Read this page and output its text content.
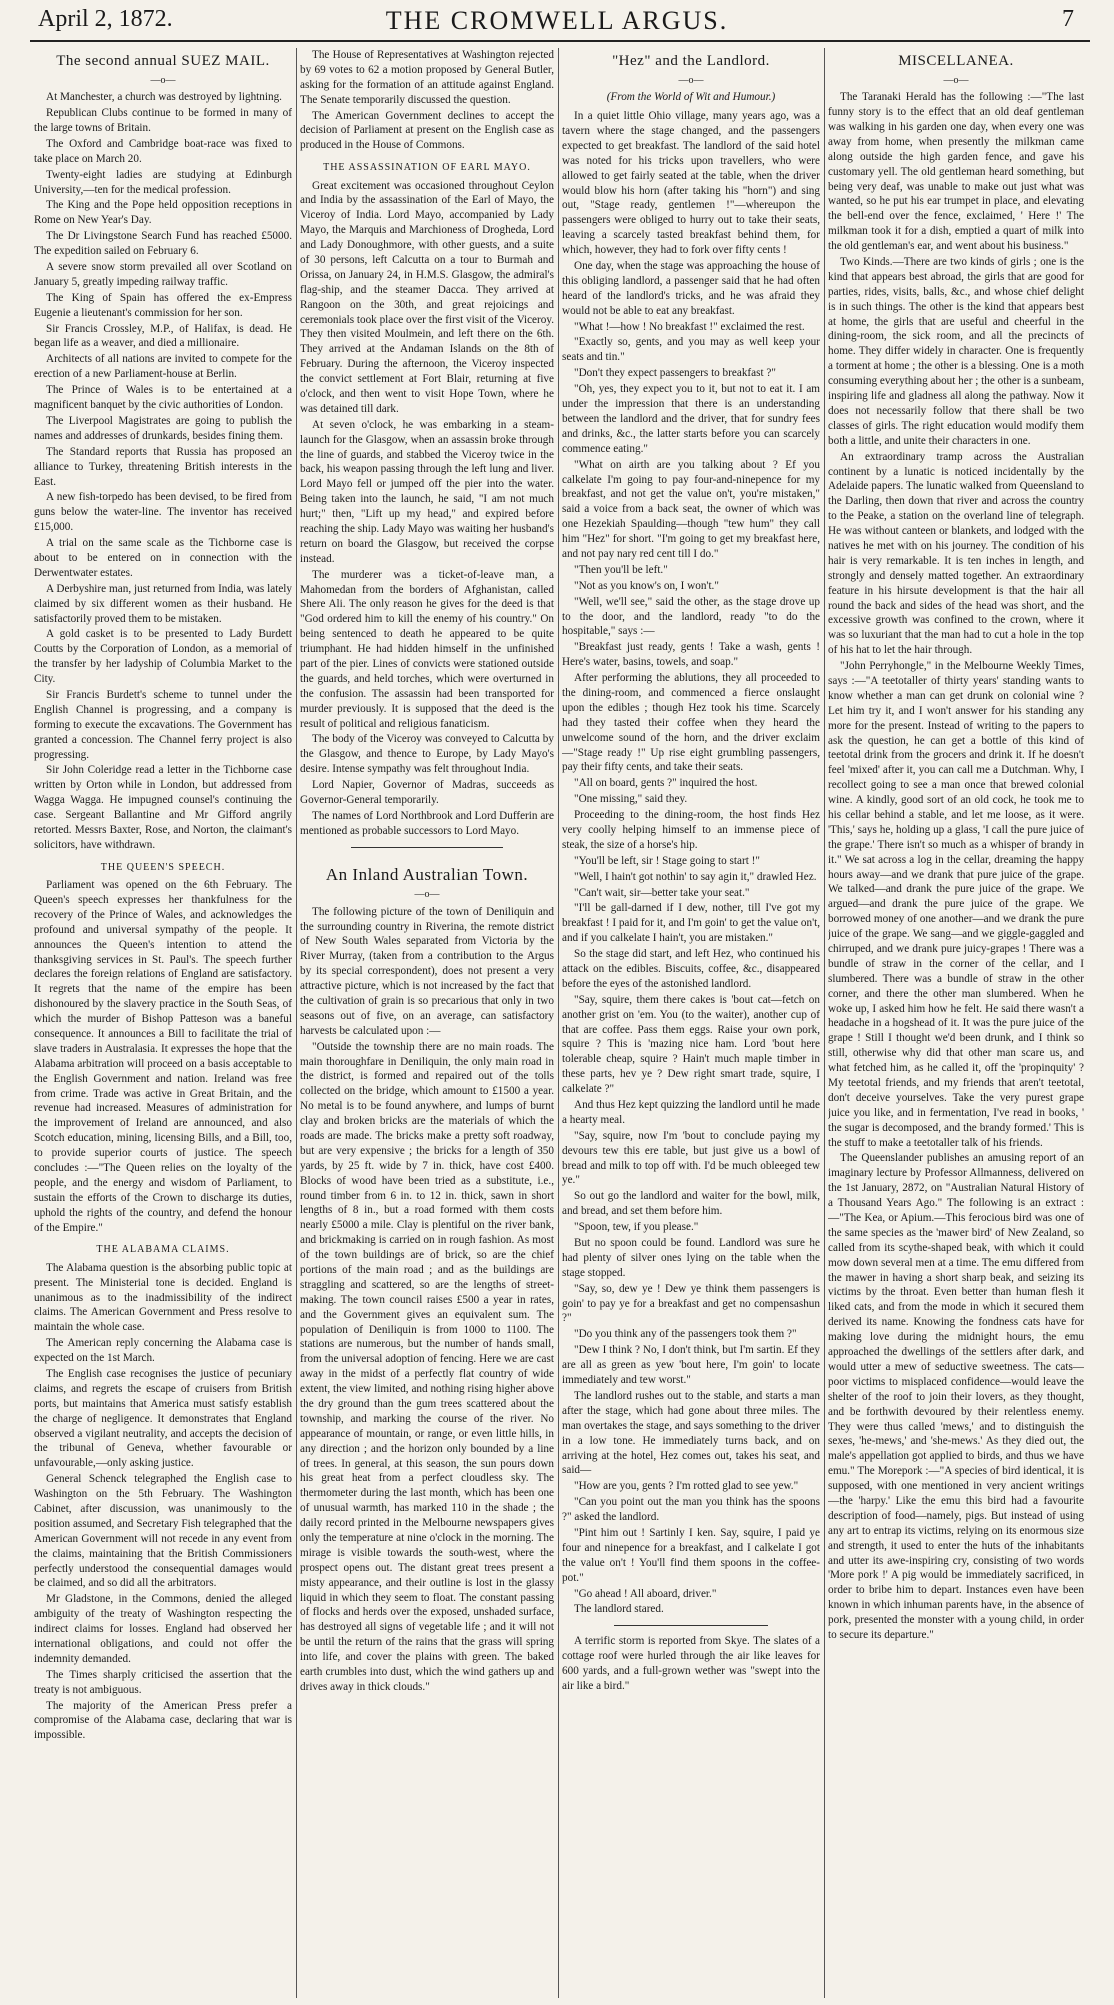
April 2, 1872.	THE CROMWELL ARGUS.	7
The second annual SUEZ MAIL.
—o—

At Manchester, a church was destroyed by lightning.

Republican Clubs continue to be formed in many of the large towns of Britain.

The Oxford and Cambridge boat-race was fixed to take place on March 20.

Twenty-eight ladies are studying at Edinburgh University,—ten for the medical profession.

The King and the Pope held opposition receptions in Rome on New Year's Day.

The Dr Livingstone Search Fund has reached £5000. The expedition sailed on February 6.

A severe snow storm prevailed all over Scotland on January 5, greatly impeding railway traffic.

The King of Spain has offered the ex-Empress Eugenie a lieutenant's commission for her son.

Sir Francis Crossley, M.P., of Halifax, is dead. He began life as a weaver, and died a millionaire.

Architects of all nations are invited to compete for the erection of a new Parliament-house at Berlin.

The Prince of Wales is to be entertained at a magnificent banquet by the civic authorities of London.

The Liverpool Magistrates are going to publish the names and addresses of drunkards, besides fining them.

The Standard reports that Russia has proposed an alliance to Turkey, threatening British interests in the East.

A new fish-torpedo has been devised, to be fired from guns below the water-line. The inventor has received £15,000.

A trial on the same scale as the Tichborne case is about to be entered on in connection with the Derwentwater estates.

A Derbyshire man, just returned from India, was lately claimed by six different women as their husband. He satisfactorily proved them to be mistaken.

A gold casket is to be presented to Lady Burdett Coutts by the Corporation of London, as a memorial of the transfer by her ladyship of Columbia Market to the City.

Sir Francis Burdett's scheme to tunnel under the English Channel is progressing, and a company is forming to execute the excavations. The Government has granted a concession. The Channel ferry project is also progressing.

Sir John Coleridge read a letter in the Tichborne case written by Orton while in London, but addressed from Wagga Wagga. He impugned counsel's continuing the case. Sergeant Ballantine and Mr Gifford angrily retorted. Messrs Baxter, Rose, and Norton, the claimant's solicitors, have withdrawn.

THE QUEEN'S SPEECH.

Parliament was opened on the 6th February. The Queen's speech expresses her thankfulness for the recovery of the Prince of Wales, and acknowledges the profound and universal sympathy of the people. It announces the Queen's intention to attend the thanksgiving services in St. Paul's. The speech further declares the foreign relations of England are satisfactory. It regrets that the name of the empire has been dishonoured by the slavery practice in the South Seas, of which the murder of Bishop Patteson was a baneful consequence. It announces a Bill to facilitate the trial of slave traders in Australasia. It expresses the hope that the Alabama arbitration will proceed on a basis acceptable to the English Government and nation. Ireland was free from crime. Trade was active in Great Britain, and the revenue had increased. Measures of administration for the improvement of Ireland are announced, and also Scotch education, mining, licensing Bills, and a Bill, too, to provide superior courts of justice. The speech concludes :—"The Queen relies on the loyalty of the people, and the energy and wisdom of Parliament, to sustain the efforts of the Crown to discharge its duties, uphold the rights of the country, and defend the honour of the Empire."

THE ALABAMA CLAIMS.

The Alabama question is the absorbing public topic at present. The Ministerial tone is decided. England is unanimous as to the inadmissibility of the indirect claims. The American Government and Press resolve to maintain the whole case.

The American reply concerning the Alabama case is expected on the 1st March.

The English case recognises the justice of pecuniary claims, and regrets the escape of cruisers from British ports, but maintains that America must satisfy establish the charge of negligence. It demonstrates that England observed a vigilant neutrality, and accepts the decision of the tribunal of Geneva, whether favourable or unfavourable,—only asking justice.

General Schenck telegraphed the English case to Washington on the 5th February. The Washington Cabinet, after discussion, was unanimously to the position assumed, and Secretary Fish telegraphed that the American Government will not recede in any event from the claims, maintaining that the British Commissioners perfectly understood the consequential damages would be claimed, and so did all the arbitrators.

Mr Gladstone, in the Commons, denied the alleged ambiguity of the treaty of Washington respecting the indirect claims for losses. England had observed her international obligations, and could not offer the indemnity demanded.

The Times sharply criticised the assertion that the treaty is not ambiguous.

The majority of the American Press prefer a compromise of the Alabama case, declaring that war is impossible.

The House of Representatives at Washington rejected by 69 votes to 62 a motion proposed by General Butler, asking for the formation of an attitude against England. The Senate temporarily discussed the question.

The American Government declines to accept the decision of Parliament at present on the English case as produced in the House of Commons.

THE ASSASSINATION OF EARL MAYO.

Great excitement was occasioned throughout Ceylon and India by the assassination of the Earl of Mayo, the Viceroy of India. Lord Mayo, accompanied by Lady Mayo, the Marquis and Marchioness of Drogheda, Lord and Lady Donoughmore, with other guests, and a suite of 30 persons, left Calcutta on a tour to Burmah and Orissa, on January 24, in H.M.S. Glasgow, the admiral's flag-ship, and the steamer Dacca. They arrived at Rangoon on the 30th, and great rejoicings and ceremonials took place over the first visit of the Viceroy. They then visited Moulmein, and left there on the 6th. They arrived at the Andaman Islands on the 8th of February. During the afternoon, the Viceroy inspected the convict settlement at Fort Blair, returning at five o'clock, and then went to visit Hope Town, where he was detained till dark.

At seven o'clock, he was embarking in a steam-launch for the Glasgow, when an assassin broke through the line of guards, and stabbed the Viceroy twice in the back, his weapon passing through the left lung and liver. Lord Mayo fell or jumped off the pier into the water. Being taken into the launch, he said, "I am not much hurt;" then, "Lift up my head," and expired before reaching the ship. Lady Mayo was waiting her husband's return on board the Glasgow, but received the corpse instead.

The murderer was a ticket-of-leave man, a Mahomedan from the borders of Afghanistan, called Shere Ali. The only reason he gives for the deed is that "God ordered him to kill the enemy of his country." On being sentenced to death he appeared to be quite triumphant. He had hidden himself in the unfinished part of the pier. Lines of convicts were stationed outside the guards, and held torches, which were overturned in the confusion. The assassin had been transported for murder previously. It is supposed that the deed is the result of political and religious fanaticism.

The body of the Viceroy was conveyed to Calcutta by the Glasgow, and thence to Europe, by Lady Mayo's desire. Intense sympathy was felt throughout India.

Lord Napier, Governor of Madras, succeeds as Governor-General temporarily.

The names of Lord Northbrook and Lord Dufferin are mentioned as probable successors to Lord Mayo.

An Inland Australian Town.
—o—

The following picture of the town of Deniliquin and the surrounding country in Riverina, the remote district of New South Wales separated from Victoria by the River Murray, (taken from a contribution to the Argus by its special correspondent), does not present a very attractive picture, which is not increased by the fact that the cultivation of grain is so precarious that only in two seasons out of five, on an average, can satisfactory harvests be calculated upon :—

"Outside the township there are no main roads. The main thoroughfare in Deniliquin, the only main road in the district, is formed and repaired out of the tolls collected on the bridge, which amount to £1500 a year. No metal is to be found anywhere, and lumps of burnt clay and broken bricks are the materials of which the roads are made. The bricks make a pretty soft roadway, but are very expensive ; the bricks for a length of 350 yards, by 25 ft. wide by 7 in. thick, have cost £400. Blocks of wood have been tried as a substitute, i.e., round timber from 6 in. to 12 in. thick, sawn in short lengths of 8 in., but a road formed with them costs nearly £5000 a mile. Clay is plentiful on the river bank, and brickmaking is carried on in rough fashion. As most of the town buildings are of brick, so are the chief portions of the main road ; and as the buildings are straggling and scattered, so are the lengths of street-making. The town council raises £500 a year in rates, and the Government gives an equivalent sum. The population of Deniliquin is from 1000 to 1100. The stations are numerous, but the number of hands small, from the universal adoption of fencing. Here we are cast away in the midst of a perfectly flat country of wide extent, the view limited, and nothing rising higher above the dry ground than the gum trees scattered about the township, and marking the course of the river. No appearance of mountain, or range, or even little hills, in any direction ; and the horizon only bounded by a line of trees. In general, at this season, the sun pours down his great heat from a perfect cloudless sky. The thermometer during the last month, which has been one of unusual warmth, has marked 110 in the shade ; the daily record printed in the Melbourne newspapers gives only the temperature at nine o'clock in the morning. The mirage is visible towards the south-west, where the prospect opens out. The distant great trees present a misty appearance, and their outline is lost in the glassy liquid in which they seem to float. The constant passing of flocks and herds over the exposed, unshaded surface, has destroyed all signs of vegetable life ; and it will not be until the return of the rains that the grass will spring into life, and cover the plains with green. The baked earth crumbles into dust, which the wind gathers up and drives away in thick clouds."

"Hez" and the Landlord.
—o—

(From the World of Wit and Humour.)

In a quiet little Ohio village, many years ago, was a tavern where the stage changed, and the passengers expected to get breakfast. The landlord of the said hotel was noted for his tricks upon travellers, who were allowed to get fairly seated at the table, when the driver would blow his horn (after taking his "horn") and sing out, "Stage ready, gentlemen !"—whereupon the passengers were obliged to hurry out to take their seats, leaving a scarcely tasted breakfast behind them, for which, however, they had to fork over fifty cents !

One day, when the stage was approaching the house of this obliging landlord, a passenger said that he had often heard of the landlord's tricks, and he was afraid they would not be able to eat any breakfast.

"What !—how ! No breakfast !" exclaimed the rest.

"Exactly so, gents, and you may as well keep your seats and tin."

"Don't they expect passengers to breakfast ?"

"Oh, yes, they expect you to it, but not to eat it. I am under the impression that there is an understanding between the landlord and the driver, that for sundry fees and drinks, &c., the latter starts before you can scarcely commence eating."

"What on airth are you talking about ? Ef you calkelate I'm going to pay four-and-ninepence for my breakfast, and not get the value on't, you're mistaken," said a voice from a back seat, the owner of which was one Hezekiah Spaulding—though "tew hum" they call him "Hez" for short. "I'm going to get my breakfast here, and not pay nary red cent till I do."

"Then you'll be left."

"Not as you know's on, I won't."

"Well, we'll see," said the other, as the stage drove up to the door, and the landlord, ready "to do the hospitable," says :—

"Breakfast just ready, gents ! Take a wash, gents ! Here's water, basins, towels, and soap."

After performing the ablutions, they all proceeded to the dining-room, and commenced a fierce onslaught upon the edibles ; though Hez took his time. Scarcely had they tasted their coffee when they heard the unwelcome sound of the horn, and the driver exclaim—"Stage ready !" Up rise eight grumbling passengers, pay their fifty cents, and take their seats.

"All on board, gents ?" inquired the host.

"One missing," said they.

Proceeding to the dining-room, the host finds Hez very coolly helping himself to an immense piece of steak, the size of a horse's hip.

"You'll be left, sir ! Stage going to start !"

"Well, I hain't got nothin' to say agin it," drawled Hez.

"Can't wait, sir—better take your seat."

"I'll be gall-darned if I dew, nother, till I've got my breakfast ! I paid for it, and I'm goin' to get the value on't, and if you calkelate I hain't, you are mistaken."

So the stage did start, and left Hez, who continued his attack on the edibles. Biscuits, coffee, &c., disappeared before the eyes of the astonished landlord.

"Say, squire, them there cakes is 'bout cat—fetch on another grist on 'em. You (to the waiter), another cup of that are coffee. Pass them eggs. Raise your own pork, squire ? This is 'mazing nice ham. Lord 'bout here tolerable cheap, squire ? Hain't much maple timber in these parts, hev ye ? Dew right smart trade, squire, I calkelate ?"

And thus Hez kept quizzing the landlord until he made a hearty meal.

"Say, squire, now I'm 'bout to conclude paying my devours tew this ere table, but just give us a bowl of bread and milk to top off with. I'd be much obleeged tew ye."

So out go the landlord and waiter for the bowl, milk, and bread, and set them before him.

"Spoon, tew, if you please."

But no spoon could be found. Landlord was sure he had plenty of silver ones lying on the table when the stage stopped.

"Say, so, dew ye ! Dew ye think them passengers is goin' to pay ye for a breakfast and get no compensashun ?"

"Do you think any of the passengers took them ?"

"Dew I think ? No, I don't think, but I'm sartin. Ef they are all as green as yew 'bout here, I'm goin' to locate immediately and tew worst."

The landlord rushes out to the stable, and starts a man after the stage, which had gone about three miles. The man overtakes the stage, and says something to the driver in a low tone. He immediately turns back, and on arriving at the hotel, Hez comes out, takes his seat, and said—

"How are you, gents ? I'm rotted glad to see yew."

"Can you point out the man you think has the spoons ?" asked the landlord.

"Pint him out ! Sartinly I ken. Say, squire, I paid ye four and ninepence for a breakfast, and I calkelate I got the value on't ! You'll find them spoons in the coffee-pot."

"Go ahead ! All aboard, driver."

The landlord stared.

A terrific storm is reported from Skye. The slates of a cottage roof were hurled through the air like leaves for 600 yards, and a full-grown wether was "swept into the air like a bird."

MISCELLANEA.
—o—

The Taranaki Herald has the following :—"The last funny story is to the effect that an old deaf gentleman was walking in his garden one day, when every one was away from home, when presently the milkman came along outside the high garden fence, and gave his customary yell. The old gentleman heard something, but being very deaf, was unable to make out just what was wanted, so he put his ear trumpet in place, and elevating the bell-end over the fence, exclaimed, ' Here !' The milkman took it for a dish, emptied a quart of milk into the old gentleman's ear, and went about his business."

Two Kinds.—There are two kinds of girls ; one is the kind that appears best abroad, the girls that are good for parties, rides, visits, balls, &c., and whose chief delight is in such things. The other is the kind that appears best at home, the girls that are useful and cheerful in the dining-room, the sick room, and all the precincts of home. They differ widely in character. One is frequently a torment at home ; the other is a blessing. One is a moth consuming everything about her ; the other is a sunbeam, inspiring life and gladness all along the pathway. Now it does not necessarily follow that there shall be two classes of girls. The right education would modify them both a little, and unite their characters in one.

An extraordinary tramp across the Australian continent by a lunatic is noticed incidentally by the Adelaide papers. The lunatic walked from Queensland to the Darling, then down that river and across the country to the Peake, a station on the overland line of telegraph. He was without canteen or blankets, and lodged with the natives he met with on his journey. The condition of his hair is very remarkable. It is ten inches in length, and strongly and densely matted together. An extraordinary feature in his hirsute development is that the hair all round the back and sides of the head was short, and the excessive growth was confined to the crown, where it was so luxuriant that the man had to cut a hole in the top of his hat to let the hair through.

"John Perryhongle," in the Melbourne Weekly Times, says :—"A teetotaller of thirty years' standing wants to know whether a man can get drunk on colonial wine ? Let him try it, and I won't answer for his standing any more for the present. Instead of writing to the papers to ask the question, he can get a bottle of this kind of teetotal drink from the grocers and drink it. If he doesn't feel 'mixed' after it, you can call me a Dutchman. Why, I recollect going to see a man once that brewed colonial wine. A kindly, good sort of an old cock, he took me to his cellar behind a stable, and let me loose, as it were. 'This,' says he, holding up a glass, 'I call the pure juice of the grape.' There isn't so much as a whisper of brandy in it." We sat across a log in the cellar, dreaming the happy hours away—and we drank that pure juice of the grape. We talked—and drank the pure juice of the grape. We argued—and drank the pure juice of the grape. We borrowed money of one another—and we drank the pure juice of the grape. We sang—and we giggle-gaggled and chirruped, and we drank pure juicy-grapes ! There was a bundle of straw in the corner of the cellar, and I slumbered. There was a bundle of straw in the other corner, and there the other man slumbered. When he woke up, I asked him how he felt. He said there wasn't a headache in a hogshead of it. It was the pure juice of the grape ! Still I thought we'd been drunk, and I think so still, otherwise why did that other man scare us, and what fetched him, as he called it, off the 'propinquity' ? My teetotal friends, and my friends that aren't teetotal, don't deceive yourselves. Take the very purest grape juice you like, and in fermentation, I've read in books, ' the sugar is decomposed, and the brandy formed.' This is the stuff to make a teetotaller talk of his friends.

The Queenslander publishes an amusing report of an imaginary lecture by Professor Allmanness, delivered on the 1st January, 2872, on "Australian Natural History of a Thousand Years Ago." The following is an extract :—"The Kea, or Apium.—This ferocious bird was one of the same species as the 'mawer bird' of New Zealand, so called from its scythe-shaped beak, with which it could mow down several men at a time. The emu differed from the mawer in having a short sharp beak, and seizing its victims by the throat. Even better than human flesh it liked cats, and from the mode in which it secured them derived its name. Knowing the fondness cats have for making love during the midnight hours, the emu approached the dwellings of the settlers after dark, and would utter a mew of seductive sweetness. The cats—poor victims to misplaced confidence—would leave the shelter of the roof to join their lovers, as they thought, and be forthwith devoured by their relentless enemy. They were thus called 'mews,' and to distinguish the sexes, 'he-mews,' and 'she-mews.' As they died out, the male's appellation got applied to birds, and thus we have emu." The Morepork :—"A species of bird identical, it is supposed, with one mentioned in very ancient writings—the 'harpy.' Like the emu this bird had a favourite description of food—namely, pigs. But instead of using any art to entrap its victims, relying on its enormous size and strength, it used to enter the huts of the inhabitants and utter its awe-inspiring cry, consisting of two words 'More pork !' A pig would be immediately sacrificed, in order to bribe him to depart. Instances even have been known in which inhuman parents have, in the absence of pork, presented the monster with a young child, in order to secure its departure."
